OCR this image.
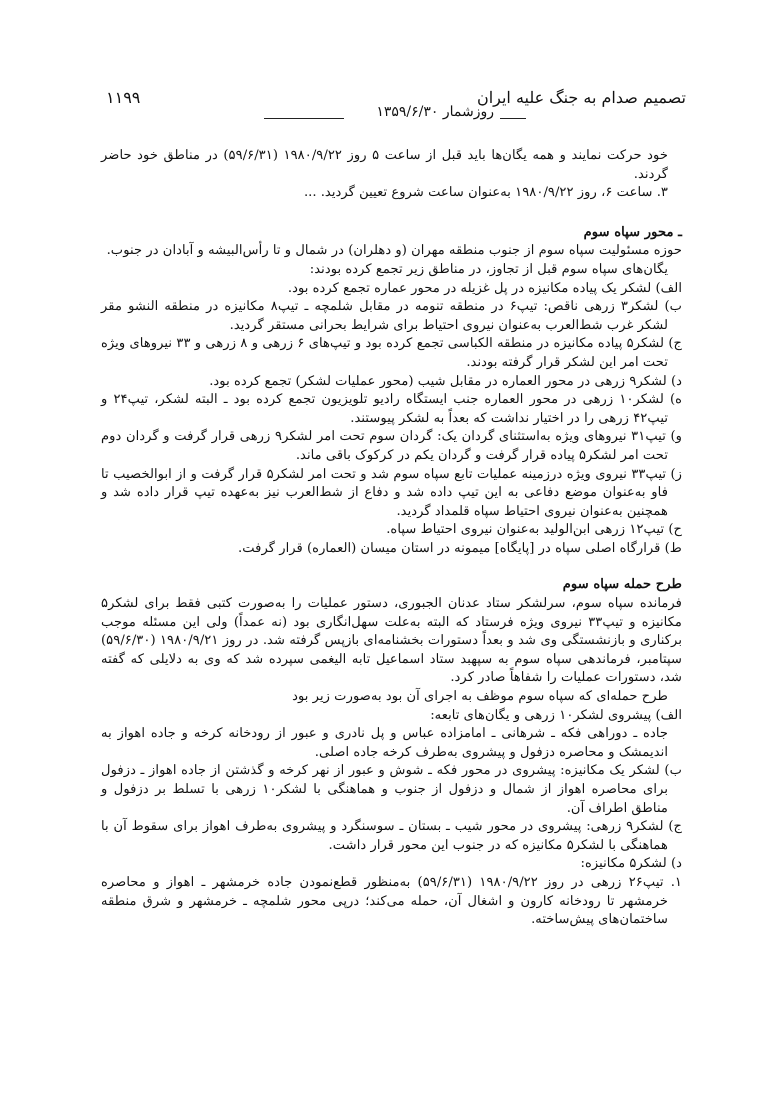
تصمیم صدام به جنگ علیه ایران
۱۱۹۹
روزشمار ۱۳۵۹/۶/۳۰

خود حرکت نمایند و همه یگان‌ها باید قبل از ساعت ۵ روز ۱۹۸۰/۹/۲۲ (۵۹/۶/۳۱) در مناطق خود حاضر گردند.

۳. ساعت ۶، روز ۱۹۸۰/۹/۲۲ به‌عنوان ساعت شروع تعیین گردید. ...

ـ محور سپاه سوم

حوزه مسئولیت سپاه سوم از جنوب منطقه مهران (و دهلران) در شمال و تا رأس‌البیشه و آبادان در جنوب.

یگان‌های سپاه سوم قبل از تجاوز، در مناطق زیر تجمع کرده بودند:

الف) لشکر یک پیاده مکانیزه در پل غزیله در محور عماره تجمع کرده بود.

ب) لشکر۳ زرهی ناقص: تیپ۶ در منطقه تنومه در مقابل شلمچه ـ تیپ۸ مکانیزه در منطقه النشو مقر لشکر غرب شط‌العرب به‌عنوان نیروی احتیاط برای شرایط بحرانی مستقر گردید.

ج) لشکر۵ پیاده مکانیزه در منطقه الکباسی تجمع کرده بود و تیپ‌های ۶ زرهی و ۸ زرهی و ۳۳ نیروهای ویژه تحت امر این لشکر قرار گرفته بودند.

د) لشکر۹ زرهی در محور العماره در مقابل شیب (محور عملیات لشکر) تجمع کرده بود.

ه) لشکر۱۰ زرهی در محور العماره جنب ایستگاه رادیو تلویزیون تجمع کرده بود ـ البته لشکر، تیپ۲۴ و تیپ۴۲ زرهی را در اختیار نداشت که بعداً به لشکر پیوستند.

و) تیپ۳۱ نیروهای ویژه به‌استثنای گردان یک: گردان سوم تحت امر لشکر۹ زرهی قرار گرفت و گردان دوم تحت امر لشکر۵ پیاده قرار گرفت و گردان یکم در کرکوک باقی ماند.

ز) تیپ۳۳ نیروی ویژه درزمینه عملیات تابع سپاه سوم شد و تحت امر لشکر۵ قرار گرفت و از ابوالخصیب تا فاو به‌عنوان موضع دفاعی به این تیپ داده شد و دفاع از شط‌العرب نیز به‌عهده تیپ قرار داده شد و همچنین به‌عنوان نیروی احتیاط سپاه قلمداد گردید.

ح) تیپ۱۲ زرهی ابن‌الولید به‌عنوان نیروی احتیاط سپاه.

ط) قرارگاه اصلی سپاه در [پایگاه] میمونه در استان میسان (العماره) قرار گرفت.

طرح حمله سپاه سوم

فرمانده سپاه سوم، سرلشکر ستاد عدنان الجبوری، دستور عملیات را به‌صورت کتبی فقط برای لشکر۵ مکانیزه و تیپ۳۳ نیروی ویژه فرستاد که البته به‌علت سهل‌انگاری بود (نه عمداً) ولی این مسئله موجب برکناری و بازنشستگی وی شد و بعداً دستورات بخشنامه‌ای بازپس گرفته شد. در روز ۱۹۸۰/۹/۲۱ (۵۹/۶/۳۰) سپتامبر، فرماندهی سپاه سوم به سپهبد ستاد اسماعیل تابه الیغمی سپرده شد که وی به دلایلی که گفته شد، دستورات عملیات را شفاهاً صادر کرد.

طرح حمله‌ای که سپاه سوم موظف به اجرای آن بود به‌صورت زیر بود

الف) پیشروی لشکر۱۰ زرهی و یگان‌های تابعه:

جاده ـ دوراهی فکه ـ شرهانی ـ امامزاده عباس و پل نادری و عبور از رودخانه کرخه و جاده اهواز به اندیمشک و محاصره دزفول و پیشروی به‌طرف کرخه جاده اصلی.

ب) لشکر یک مکانیزه: پیشروی در محور فکه ـ شوش و عبور از نهر کرخه و گذشتن از جاده اهواز ـ دزفول برای محاصره اهواز از شمال و دزفول از جنوب و هماهنگی با لشکر۱۰ زرهی با تسلط بر دزفول و مناطق اطراف آن.

ج) لشکر۹ زرهی: پیشروی در محور شیب ـ بستان ـ سوسنگرد و پیشروی به‌طرف اهواز برای سقوط آن با هماهنگی با لشکر۵ مکانیزه که در جنوب این محور قرار داشت.

د) لشکر۵ مکانیزه:

۱. تیپ۲۶ زرهی در روز ۱۹۸۰/۹/۲۲ (۵۹/۶/۳۱) به‌منظور قطع‌نمودن جاده خرمشهر ـ اهواز و محاصره خرمشهر تا رودخانه کارون و اشغال آن، حمله می‌کند؛ درپی محور شلمچه ـ خرمشهر و شرق منطقه ساختمان‌های پیش‌ساخته.
